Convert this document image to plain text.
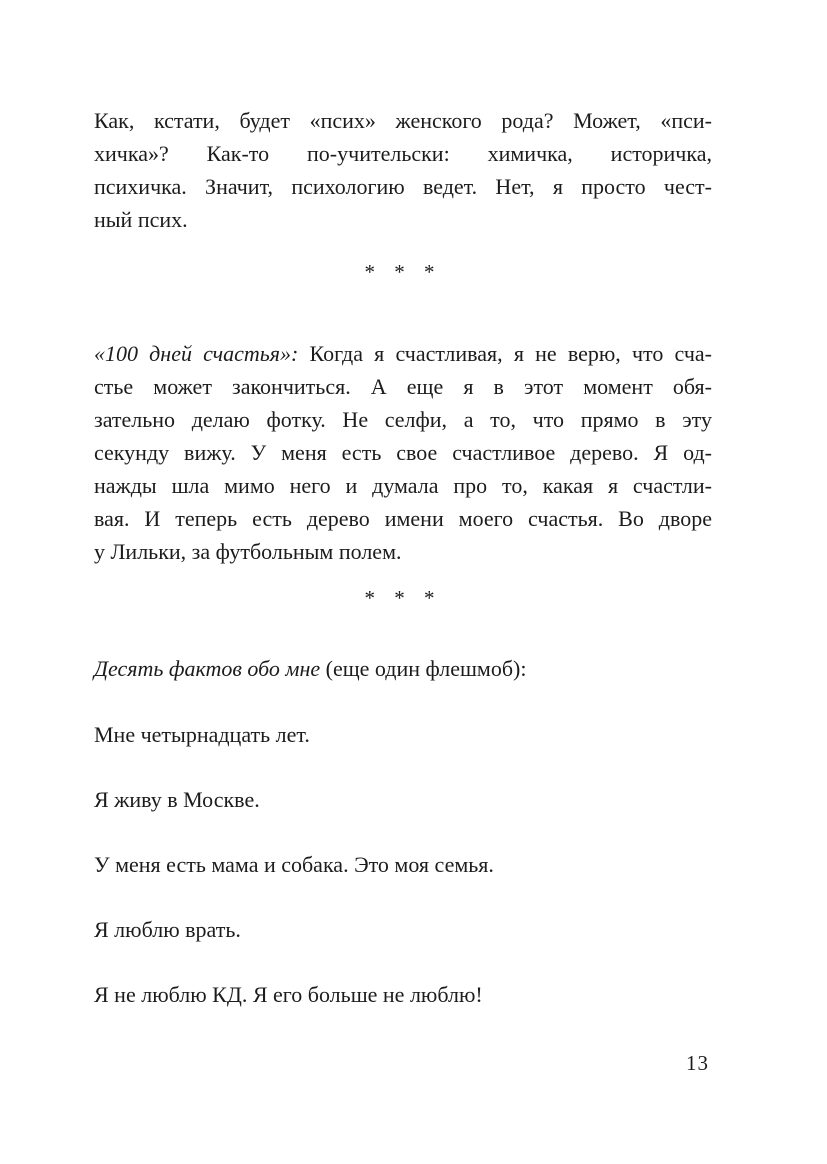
Как, кстати, будет «псих» женского рода? Может, «пси-
хичка»? Как-то по-учительски: химичка, историчка,
психичка. Значит, психологию ведет. Нет, я просто чест-
ный псих.
* * *
«100 дней счастья»: Когда я счастливая, я не верю, что сча-
стье может закончиться. А еще я в этот момент обя-
зательно делаю фотку. Не селфи, а то, что прямо в эту
секунду вижу. У меня есть свое счастливое дерево. Я од-
нажды шла мимо него и думала про то, какая я счастли-
вая. И теперь есть дерево имени моего счастья. Во дворе
у Лильки, за футбольным полем.
* * *
Десять фактов обо мне (еще один флешмоб):
Мне четырнадцать лет.
Я живу в Москве.
У меня есть мама и собака. Это моя семья.
Я люблю врать.
Я не люблю КД. Я его больше не люблю!
13
